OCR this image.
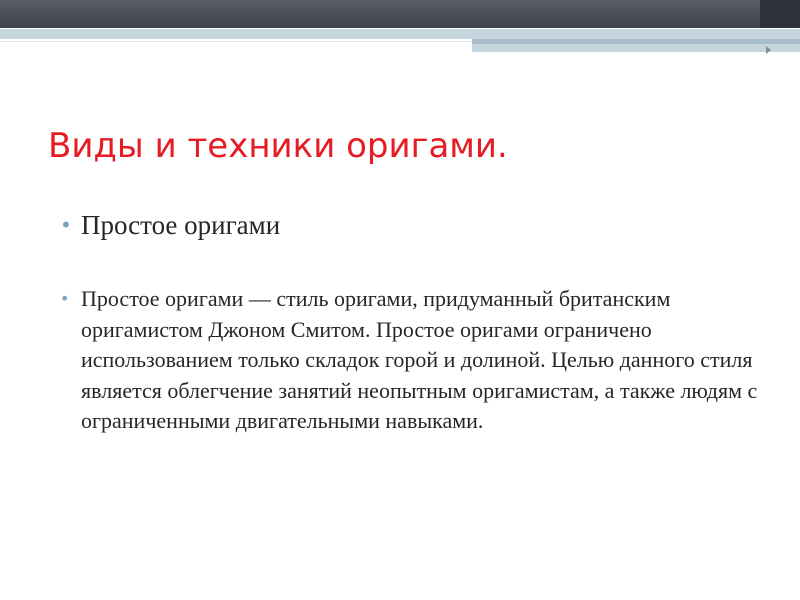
Виды и техники оригами.
• Простое оригами
• Простое оригами — стиль оригами, придуманный британским оригамистом Джоном Смитом. Простое оригами ограничено использованием только складок горой и долиной. Целью данного стиля является облегчение занятий неопытным оригамистам, а также людям с ограниченными двигательными навыками.
